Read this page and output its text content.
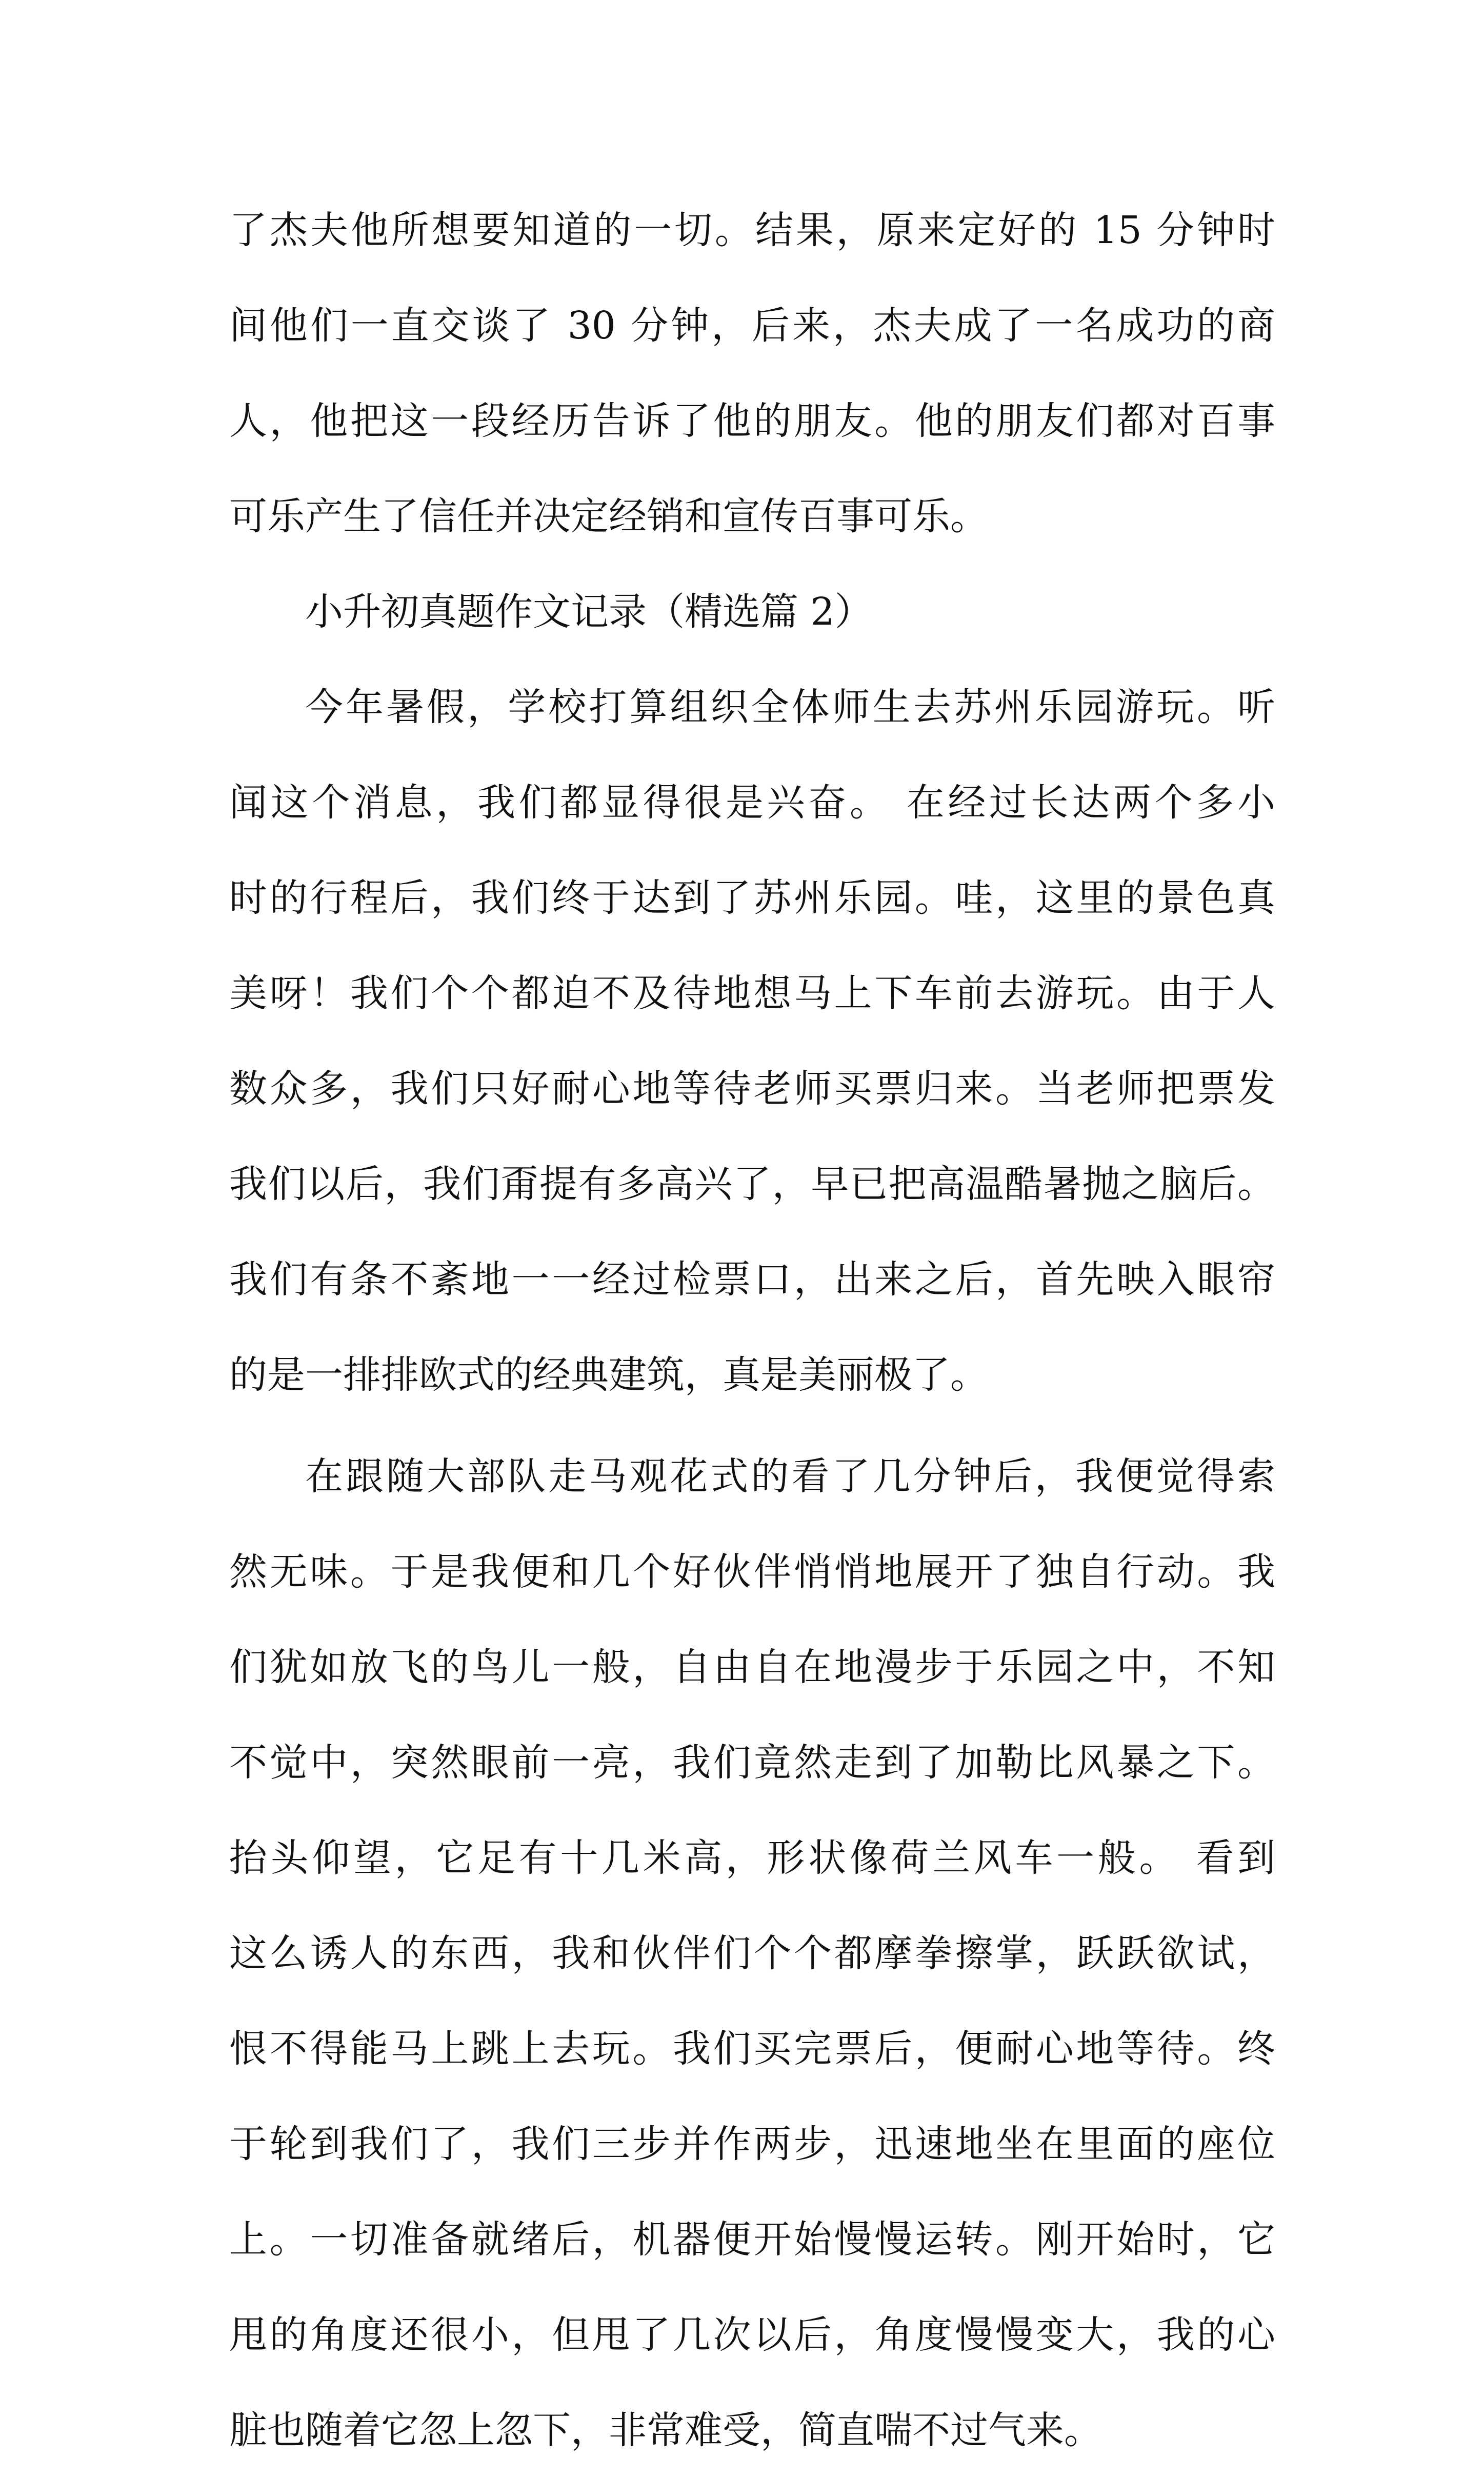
了杰夫他所想要知道的一切。结果，原来定好的 15 分钟时
间他们一直交谈了 30 分钟，后来，杰夫成了一名成功的商
人，他把这一段经历告诉了他的朋友。他的朋友们都对百事
可乐产生了信任并决定经销和宣传百事可乐。
小升初真题作文记录（精选篇 2）
今年暑假，学校打算组织全体师生去苏州乐园游玩。听
闻这个消息，我们都显得很是兴奋。 在经过长达两个多小
时的行程后，我们终于达到了苏州乐园。哇，这里的景色真
美呀！我们个个都迫不及待地想马上下车前去游玩。由于人
数众多，我们只好耐心地等待老师买票归来。当老师把票发
我们以后，我们甭提有多高兴了，早已把高温酷暑抛之脑后。
我们有条不紊地一一经过检票口，出来之后，首先映入眼帘
的是一排排欧式的经典建筑，真是美丽极了。
在跟随大部队走马观花式的看了几分钟后，我便觉得索
然无味。于是我便和几个好伙伴悄悄地展开了独自行动。我
们犹如放飞的鸟儿一般，自由自在地漫步于乐园之中，不知
不觉中，突然眼前一亮，我们竟然走到了加勒比风暴之下。
抬头仰望，它足有十几米高，形状像荷兰风车一般。 看到
这么诱人的东西，我和伙伴们个个都摩拳擦掌，跃跃欲试，
恨不得能马上跳上去玩。我们买完票后，便耐心地等待。终
于轮到我们了，我们三步并作两步，迅速地坐在里面的座位
上。一切准备就绪后，机器便开始慢慢运转。刚开始时，它
甩的角度还很小，但甩了几次以后，角度慢慢变大，我的心
脏也随着它忽上忽下，非常难受，简直喘不过气来。
